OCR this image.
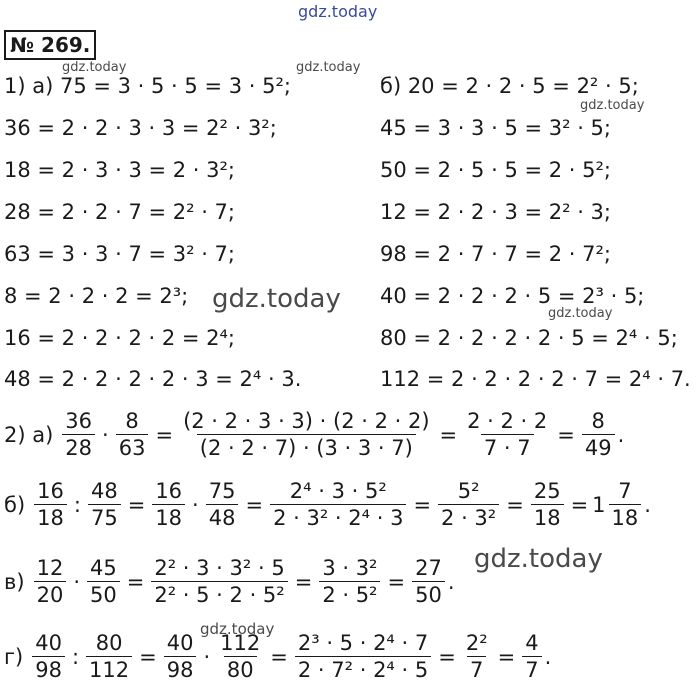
gdz.today
gdz.today	gdz.today
gdz.today
gdz.today	gdz.today
gdz.today
gdz.today
№ 269.
1) а) 75 = 3 · 5 · 5 = 3 · 5²;
36 = 2 · 2 · 3 · 3 = 2² · 3²;
18 = 2 · 3 · 3 = 2 · 3²;
28 = 2 · 2 · 7 = 2² · 7;
63 = 3 · 3 · 7 = 3² · 7;
8 = 2 · 2 · 2 = 2³;
16 = 2 · 2 · 2 · 2 = 2⁴;
48 = 2 · 2 · 2 · 2 · 3 = 2⁴ · 3.
б) 20 = 2 · 2 · 5 = 2² · 5;
45 = 3 · 3 · 5 = 3² · 5;
50 = 2 · 5 · 5 = 2 · 5²;
12 = 2 · 2 · 3 = 2² · 3;
98 = 2 · 7 · 7 = 2 · 7²;
40 = 2 · 2 · 2 · 5 = 2³ · 5;
80 = 2 · 2 · 2 · 2 · 5 = 2⁴ · 5;
112 = 2 · 2 · 2 · 2 · 7 = 2⁴ · 7.
2) $а) \frac{36}{28} \cdot \frac{8}{63} = \frac{(2 \cdot 2 \cdot 3 \cdot 3) \cdot (2 \cdot 2 \cdot 2)}{(2 \cdot 2 \cdot 7) \cdot (3 \cdot 3 \cdot 7)} = \frac{2 \cdot 2 \cdot 2}{7 \cdot 7} = \frac{8}{49}$ .
$б) \frac{16}{18}$ : $\frac{48}{75} = \frac{16}{18} \cdot \frac{75}{48} = \frac{\text{2⁴ · 3 · 5²}}{\text{2 · 3² · 2⁴ · 3}} = \frac{\text{5²}}{\text{2 · 3²}} = \frac{25}{18} = 1 \frac{7}{18}$ .
$в) \frac{12}{20} \cdot \frac{45}{50} = \frac{\text{2² · 3 · 3² · 5}}{\text{2² · 5 · 2 · 5²}} = \frac{\text{3 · 3²}}{\text{2 · 5²}} = \frac{27}{50}$ .
$г) \frac{40}{98}$ : $\frac{80}{112} = \frac{40}{98} \cdot \frac{112}{80} = \frac{\text{2³ · 5 · 2⁴ · 7}}{\text{2 · 7² · 2⁴ · 5}} = \frac{\text{2²}}{7} = \frac{4}{7}$ .
